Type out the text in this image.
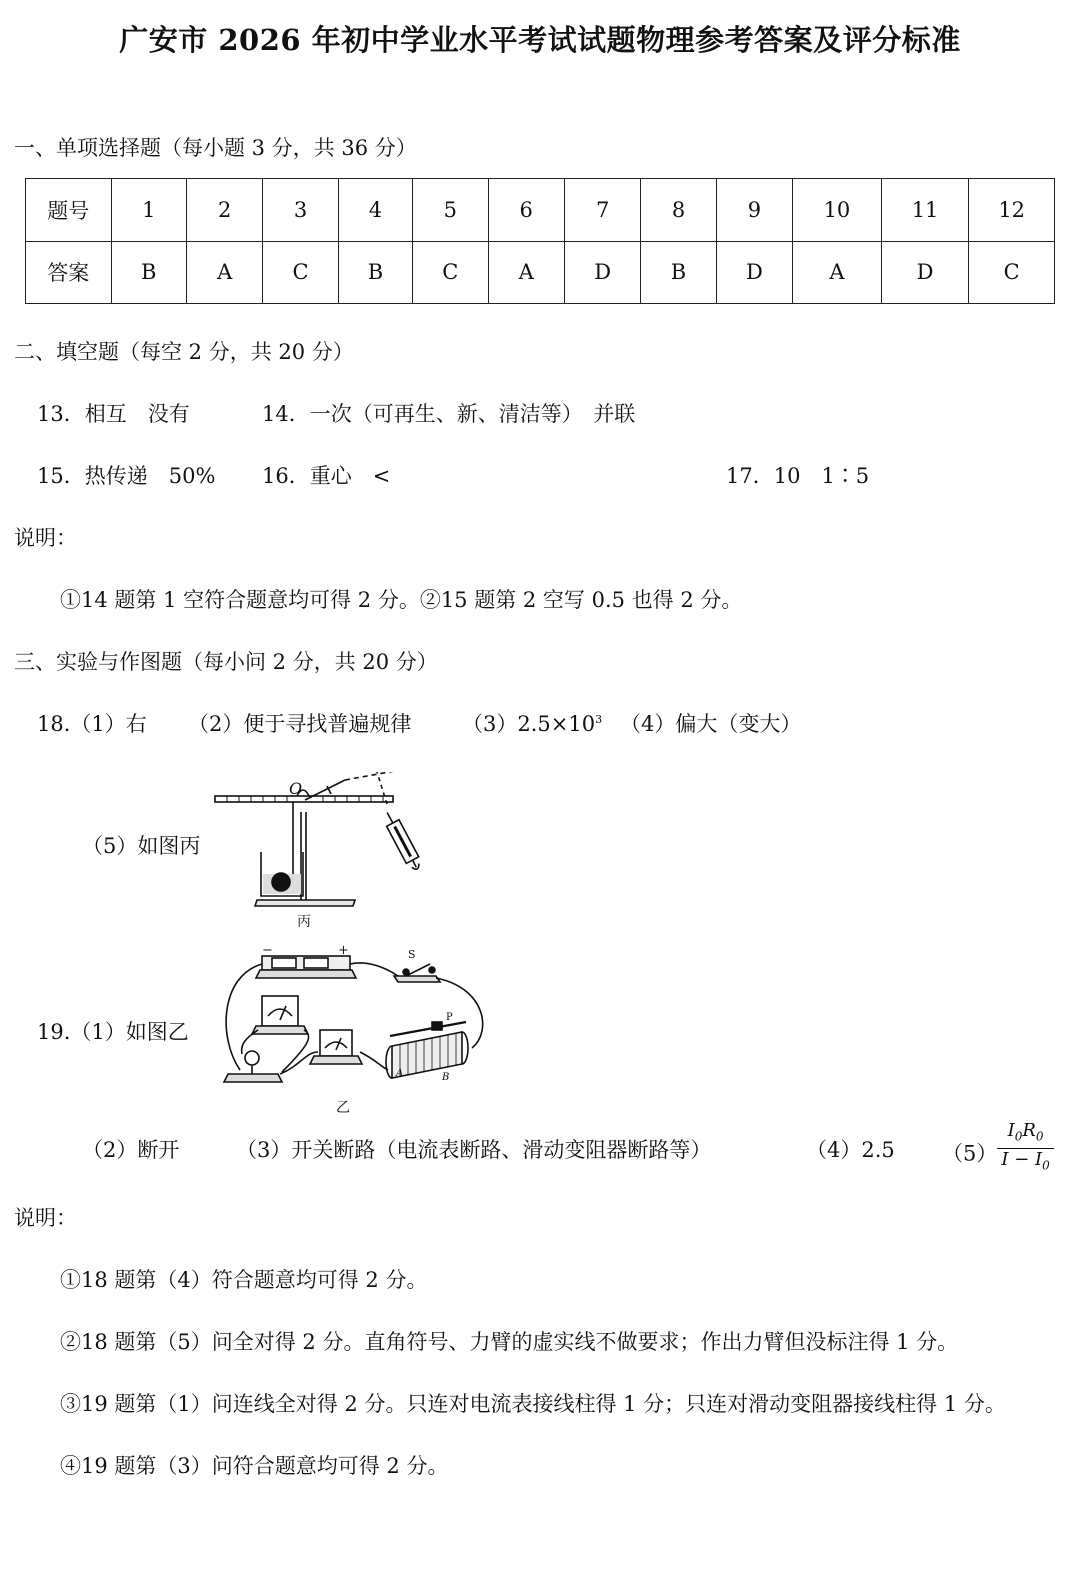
广安市 2026 年初中学业水平考试试题物理参考答案及评分标准
一、单项选择题（每小题 3 分，共 36 分）
题号	1	2	3	4	5	6	7	8	9	10	11	12
答案	B	A	C	B	C	A	D	B	D	A	D	C
二、填空题（每空 2 分，共 20 分）
13．相互　没有	14．一次（可再生、新、清洁等）　并联
15．热传递　50% 16．重心　<	17．10　1∶5
说明：
①14 题第 1 空符合题意均可得 2 分。②15 题第 2 空写 0.5 也得 2 分。
三、实验与作图题（每小问 2 分，共 20 分）
18.（1）右 （2）便于寻找普遍规律 $(3)2.5\times 10^3$ （4）偏大（变大）
（5）如图丙
O
丙
19.（1）如图乙
−	+	S
P
A	B
乙
（2）断开	（3）开关断路（电流表断路、滑动变阻器断路等）	（4）2.5 $(5) \frac{I_0R_0}{I - I_0}$
说明：
①18 题第（4）符合题意均可得 2 分。
②18 题第（5）问全对得 2 分。直角符号、力臂的虚实线不做要求；作出力臂但没标注得 1 分。
③19 题第（1）问连线全对得 2 分。只连对电流表接线柱得 1 分；只连对滑动变阻器接线柱得 1 分。
④19 题第（3）问符合题意均可得 2 分。
